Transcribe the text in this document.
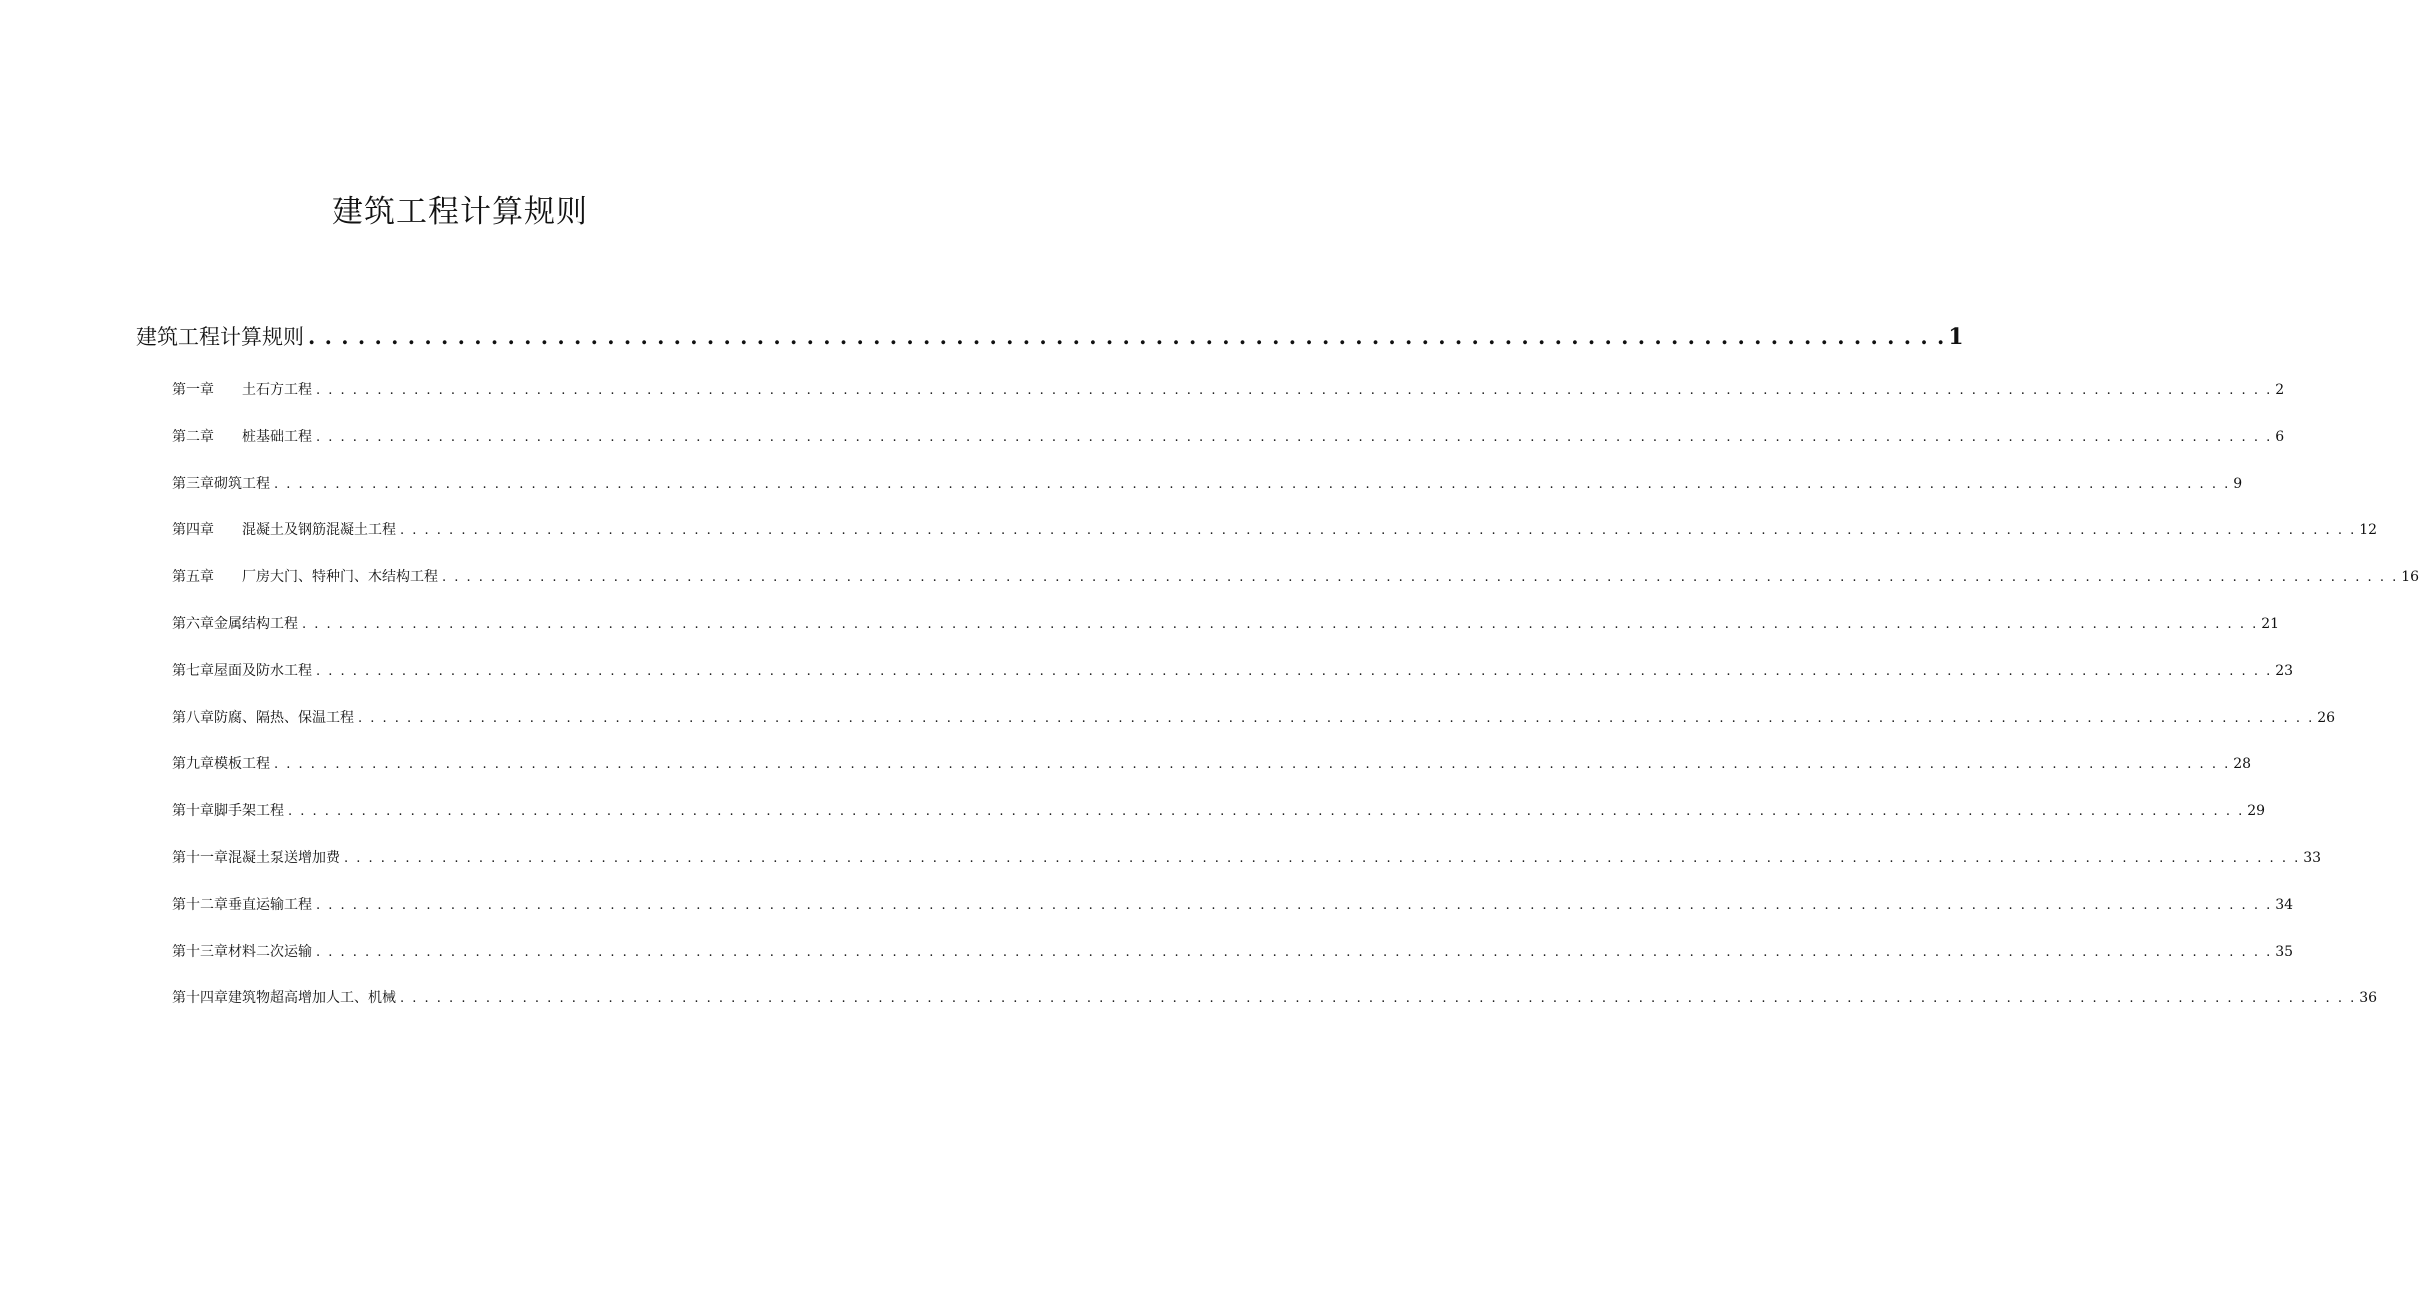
建筑工程计算规则
建筑工程计算规则 . . . . . . . . . . . . . . . . . . . . . . . . . . . . . . . . . . . . . . . . . . . . . . . . . . . . . . . . . . . . . . . . . . . . . . . . . . . . . . . . . . . . . . . . . . . . . . . . . . . 1
第一章　　土石方工程 . . . . . . . . . . . . . . . . . . . . . . . . . . . . . . . . . . . . . . . . . . . . . . . . . . . . . . . . . . . . . . . . . . . . . . . . . . . . . . . . . . . . . . . . . . . . . . . . . . . . . . . . . . . . . . . . . . . . . . . . . . . . . . . . . . . . . . . . . . . . . . . . . . . . . . . . . . . . . . . . 2
第二章　　桩基础工程 . . . . . . . . . . . . . . . . . . . . . . . . . . . . . . . . . . . . . . . . . . . . . . . . . . . . . . . . . . . . . . . . . . . . . . . . . . . . . . . . . . . . . . . . . . . . . . . . . . . . . . . . . . . . . . . . . . . . . . . . . . . . . . . . . . . . . . . . . . . . . . . . . . . . . . . . . . . . . . . . 6
第三章砌筑工程 . . . . . . . . . . . . . . . . . . . . . . . . . . . . . . . . . . . . . . . . . . . . . . . . . . . . . . . . . . . . . . . . . . . . . . . . . . . . . . . . . . . . . . . . . . . . . . . . . . . . . . . . . . . . . . . . . . . . . . . . . . . . . . . . . . . . . . . . . . . . . . . . . . . . . . . . . . . . . . . . 9
第四章　　混凝土及钢筋混凝土工程 . . . . . . . . . . . . . . . . . . . . . . . . . . . . . . . . . . . . . . . . . . . . . . . . . . . . . . . . . . . . . . . . . . . . . . . . . . . . . . . . . . . . . . . . . . . . . . . . . . . . . . . . . . . . . . . . . . . . . . . . . . . . . . . . . . . . . . . . . . . . . . . . . . . . . . . . . . . . . . . . 12
第五章　　厂房大门、特种门、木结构工程 . . . . . . . . . . . . . . . . . . . . . . . . . . . . . . . . . . . . . . . . . . . . . . . . . . . . . . . . . . . . . . . . . . . . . . . . . . . . . . . . . . . . . . . . . . . . . . . . . . . . . . . . . . . . . . . . . . . . . . . . . . . . . . . . . . . . . . . . . . . . . . . . . . . . . . . . . . . . . . . . 16
第六章金属结构工程 . . . . . . . . . . . . . . . . . . . . . . . . . . . . . . . . . . . . . . . . . . . . . . . . . . . . . . . . . . . . . . . . . . . . . . . . . . . . . . . . . . . . . . . . . . . . . . . . . . . . . . . . . . . . . . . . . . . . . . . . . . . . . . . . . . . . . . . . . . . . . . . . . . . . . . . . . . . . . . . . 21
第七章屋面及防水工程 . . . . . . . . . . . . . . . . . . . . . . . . . . . . . . . . . . . . . . . . . . . . . . . . . . . . . . . . . . . . . . . . . . . . . . . . . . . . . . . . . . . . . . . . . . . . . . . . . . . . . . . . . . . . . . . . . . . . . . . . . . . . . . . . . . . . . . . . . . . . . . . . . . . . . . . . . . . . . . . . 23
第八章防腐、隔热、保温工程 . . . . . . . . . . . . . . . . . . . . . . . . . . . . . . . . . . . . . . . . . . . . . . . . . . . . . . . . . . . . . . . . . . . . . . . . . . . . . . . . . . . . . . . . . . . . . . . . . . . . . . . . . . . . . . . . . . . . . . . . . . . . . . . . . . . . . . . . . . . . . . . . . . . . . . . . . . . . . . . . 26
第九章模板工程 . . . . . . . . . . . . . . . . . . . . . . . . . . . . . . . . . . . . . . . . . . . . . . . . . . . . . . . . . . . . . . . . . . . . . . . . . . . . . . . . . . . . . . . . . . . . . . . . . . . . . . . . . . . . . . . . . . . . . . . . . . . . . . . . . . . . . . . . . . . . . . . . . . . . . . . . . . . . . . . . 28
第十章脚手架工程 . . . . . . . . . . . . . . . . . . . . . . . . . . . . . . . . . . . . . . . . . . . . . . . . . . . . . . . . . . . . . . . . . . . . . . . . . . . . . . . . . . . . . . . . . . . . . . . . . . . . . . . . . . . . . . . . . . . . . . . . . . . . . . . . . . . . . . . . . . . . . . . . . . . . . . . . . . . . . . . . 29
第十一章混凝土泵送增加费 . . . . . . . . . . . . . . . . . . . . . . . . . . . . . . . . . . . . . . . . . . . . . . . . . . . . . . . . . . . . . . . . . . . . . . . . . . . . . . . . . . . . . . . . . . . . . . . . . . . . . . . . . . . . . . . . . . . . . . . . . . . . . . . . . . . . . . . . . . . . . . . . . . . . . . . . . . . . . . . . 33
第十二章垂直运输工程 . . . . . . . . . . . . . . . . . . . . . . . . . . . . . . . . . . . . . . . . . . . . . . . . . . . . . . . . . . . . . . . . . . . . . . . . . . . . . . . . . . . . . . . . . . . . . . . . . . . . . . . . . . . . . . . . . . . . . . . . . . . . . . . . . . . . . . . . . . . . . . . . . . . . . . . . . . . . . . . . 34
第十三章材料二次运输 . . . . . . . . . . . . . . . . . . . . . . . . . . . . . . . . . . . . . . . . . . . . . . . . . . . . . . . . . . . . . . . . . . . . . . . . . . . . . . . . . . . . . . . . . . . . . . . . . . . . . . . . . . . . . . . . . . . . . . . . . . . . . . . . . . . . . . . . . . . . . . . . . . . . . . . . . . . . . . . . 35
第十四章建筑物超高增加人工、机械 . . . . . . . . . . . . . . . . . . . . . . . . . . . . . . . . . . . . . . . . . . . . . . . . . . . . . . . . . . . . . . . . . . . . . . . . . . . . . . . . . . . . . . . . . . . . . . . . . . . . . . . . . . . . . . . . . . . . . . . . . . . . . . . . . . . . . . . . . . . . . . . . . . . . . . . . . . . . . . . . 36
